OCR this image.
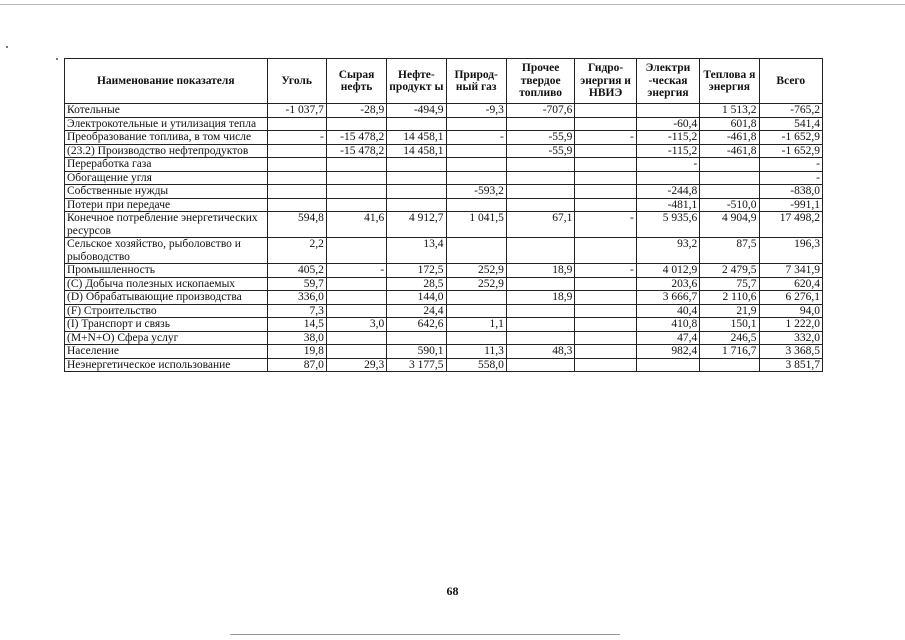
Наименование показателя	Уголь	Сырая нефть	Нефте-продукт ы	Природ-ный газ	Прочее твердое топливо	Гидро-энергия и НВИЭ	Электри -ческая энергия	Теплова я энергия	Всего
Котельные	-1 037,7	-28,9	-494,9	-9,3	-707,6			1 513,2	-765,2
Электрокотельные и утилизация тепла							-60,4	601,8	541,4
Преобразование топлива, в том числе	-	-15 478,2	14 458,1	-	-55,9	-	-115,2	-461,8	-1 652,9
(23.2) Производство нефтепродуктов		-15 478,2	14 458,1		-55,9		-115,2	-461,8	-1 652,9
Переработка газа							-		-
Обогащение угля									-
Собственные нужды				-593,2			-244,8		-838,0
Потери при передаче							-481,1	-510,0	-991,1
Конечное потребление энергетических ресурсов	594,8	41,6	4 912,7	1 041,5	67,1	-	5 935,6	4 904,9	17 498,2
Сельское хозяйство, рыболовство и рыбоводство	2,2		13,4				93,2	87,5	196,3
Промышленность	405,2	-	172,5	252,9	18,9	-	4 012,9	2 479,5	7 341,9
(C) Добыча полезных ископаемых	59,7		28,5	252,9			203,6	75,7	620,4
(D) Обрабатывающие производства	336,0		144,0		18,9		3 666,7	2 110,6	6 276,1
(F) Строительство	7,3		24,4				40,4	21,9	94,0
(I) Транспорт и связь	14,5	3,0	642,6	1,1			410,8	150,1	1 222,0
(M+N+O) Сфера услуг	38,0						47,4	246,5	332,0
Население	19,8		590,1	11,3	48,3		982,4	1 716,7	3 368,5
Неэнергетическое использование	87,0	29,3	3 177,5	558,0					3 851,7
68
